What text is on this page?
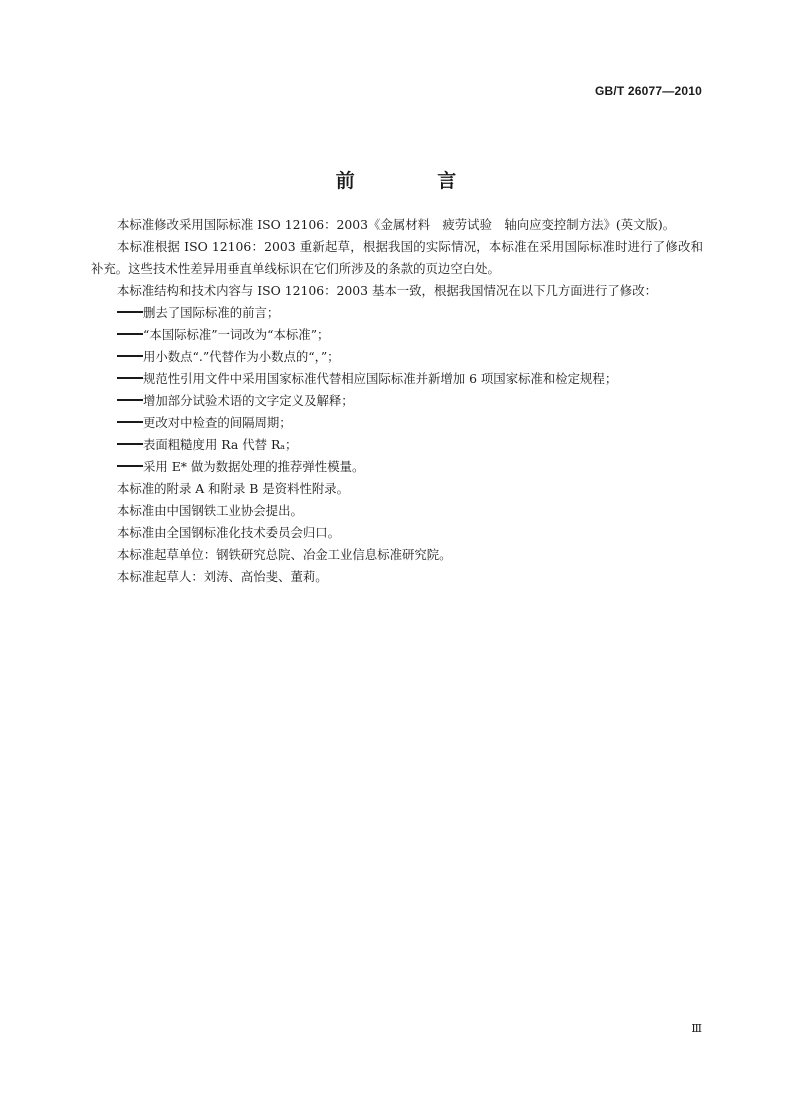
GB/T 26077—2010
前 言

本标准修改采用国际标准 ISO 12106：2003《金属材料　疲劳试验　轴向应变控制方法》(英文版)。

本标准根据 ISO 12106：2003 重新起草，根据我国的实际情况，本标准在采用国际标准时进行了修改和补充。这些技术性差异用垂直单线标识在它们所涉及的条款的页边空白处。

本标准结构和技术内容与 ISO 12106：2003 基本一致，根据我国情况在以下几方面进行了修改：

删去了国际标准的前言；

“本国际标准”一词改为“本标准”；

用小数点“.”代替作为小数点的“，”；

规范性引用文件中采用国家标准代替相应国际标准并新增加 6 项国家标准和检定规程；

增加部分试验术语的文字定义及解释；

更改对中检查的间隔周期；

表面粗糙度用 Ra 代替 Rₐ；

采用 E* 做为数据处理的推荐弹性模量。

本标准的附录 A 和附录 B 是资料性附录。

本标准由中国钢铁工业协会提出。

本标准由全国钢标准化技术委员会归口。

本标准起草单位：钢铁研究总院、冶金工业信息标准研究院。

本标准起草人：刘涛、高怡斐、董莉。

Ⅲ
